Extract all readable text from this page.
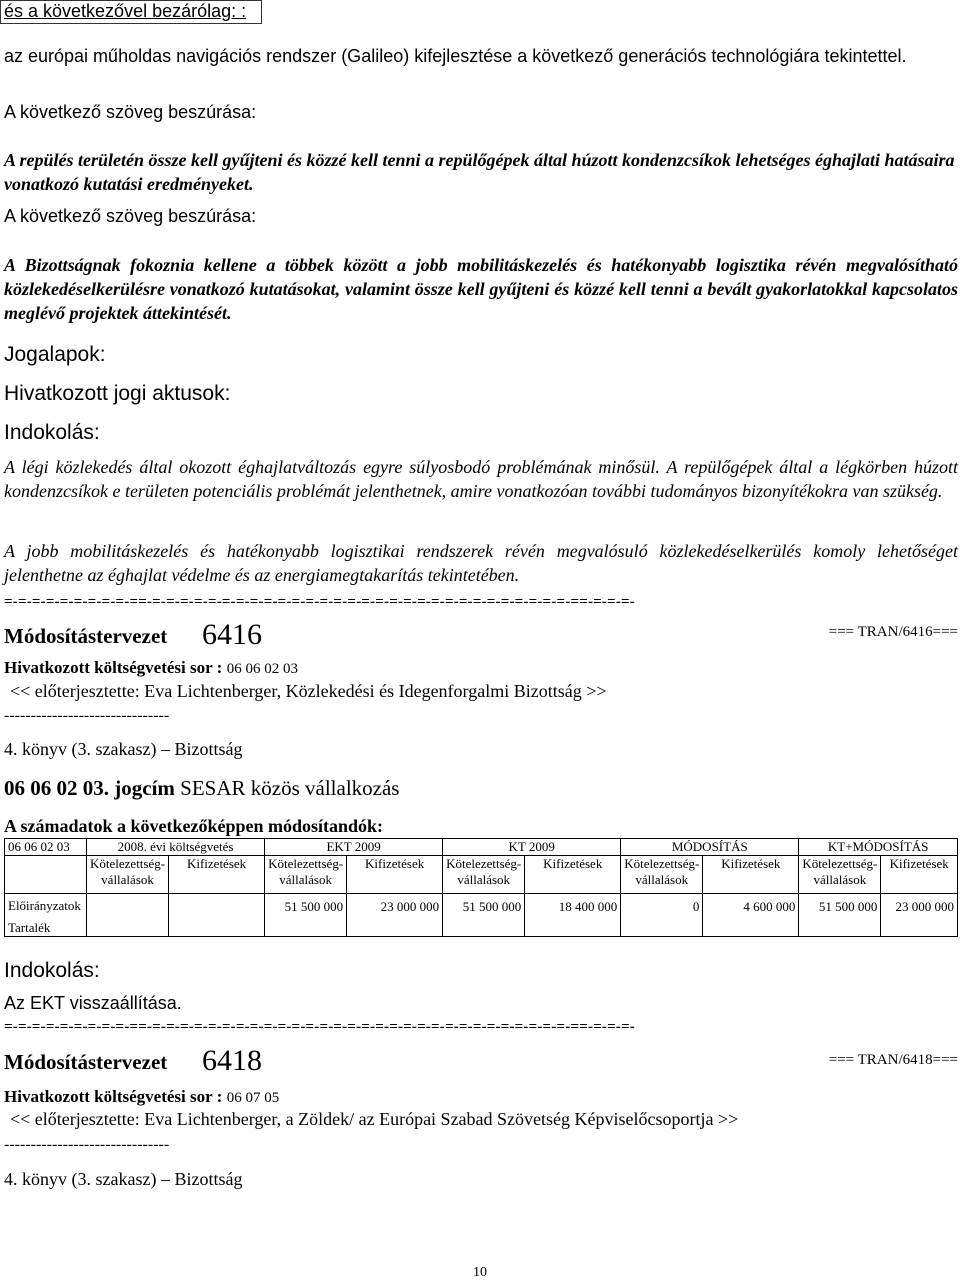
és a következővel bezárólag: :

az európai műholdas navigációs rendszer (Galileo) kifejlesztése a következő generációs technológiára tekintettel.

A következő szöveg beszúrása:

A repülés területén össze kell gyűjteni és közzé kell tenni a repülőgépek által húzott kondenzcsíkok lehetséges éghajlati hatásaira vonatkozó kutatási eredményeket.

A következő szöveg beszúrása:

A Bizottságnak fokoznia kellene a többek között a jobb mobilitáskezelés és hatékonyabb logisztika révén megvalósítható közlekedéselkerülésre vonatkozó kutatásokat, valamint össze kell gyűjteni és közzé kell tenni a bevált gyakorlatokkal kapcsolatos meglévő projektek áttekintését.

Jogalapok:

Hivatkozott jogi aktusok:

Indokolás:

A légi közlekedés által okozott éghajlatváltozás egyre súlyosbodó problémának minősül. A repülőgépek által a légkörben húzott kondenzcsíkok e területen potenciális problémát jelenthetnek, amire vonatkozóan további tudományos bizonyítékokra van szükség.

A jobb mobilitáskezelés és hatékonyabb logisztikai rendszerek révén megvalósuló közlekedéselkerülés komoly lehetőséget jelenthetne az éghajlat védelme és az energiamegtakarítás tekintetében.

=-=-=-=-=-=-=-=-=-==-=-=-=-=-=-=-=-=-=-=-=-=-=-=-=-=-=-=-=-=-=-=-=-=-=-=-=-=-=-=-==-=-=-=-

Módosítástervezet 6416	=== TRAN/6416===

Hivatkozott költségvetési sor : 06 06 02 03

<< előterjesztette: Eva Lichtenberger, Közlekedési és Idegenforgalmi Bizottság >>

-------------------------------

4. könyv (3. szakasz) – Bizottság

06 06 02 03. jogcím SESAR közös vállalkozás

A számadatok a következőképpen módosítandók:

06 06 02 03	2008. évi költségvetés		EKT 2009		KT 2009		MÓDOSÍTÁS		KT+MÓDOSÍTÁS	
	Kötelezettség-vállalások	Kifizetések	Kötelezettség-vállalások	Kifizetések	Kötelezettség-vállalások	Kifizetések	Kötelezettség-vállalások	Kifizetések	Kötelezettség-vállalások	Kifizetések

Előirányzatok
Tartalék			51 500 000	23 000 000	51 500 000	18 400 000	0	4 600 000	51 500 000	23 000 000

Indokolás:

Az EKT visszaállítása.

=-=-=-=-=-=-=-=-=-==-=-=-=-=-=-=-=-=-=-=-=-=-=-=-=-=-=-=-=-=-=-=-=-=-=-=-=-=-=-=-==-=-=-=-

Módosítástervezet 6418	=== TRAN/6418===

Hivatkozott költségvetési sor : 06 07 05

<< előterjesztette: Eva Lichtenberger, a Zöldek/ az Európai Szabad Szövetség Képviselőcsoportja >>

-------------------------------

4. könyv (3. szakasz) – Bizottság

10
